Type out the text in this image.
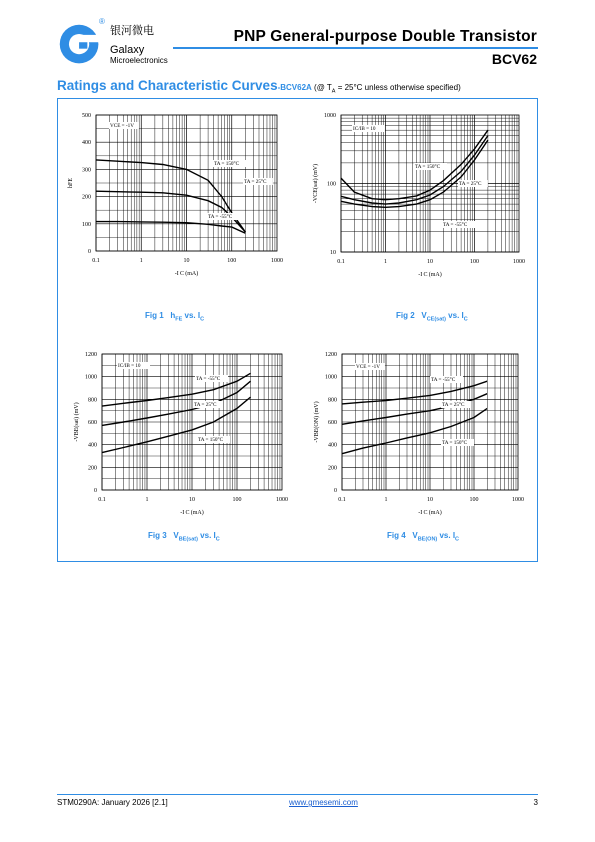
®
银河微电
Galaxy
Microelectronics
PNP General-purpose Double Transistor
BCV62
Ratings and Characteristic Curves-BCV62A (@ $T_A = 25^\circ C$ unless otherwise specified)
0.1	1	10	100	1000
0
100
200
300
400
500
-I C (mA)
hFE
VCE = -1V
TA = 150°C
TA = 25°C
TA = -55°C
0.1	1	10	100	1000
10
100
1000
-I C (mA)
-VCE(sat) (mV)
IC/IB = 10
TA = 150°C
TA = 25°C
TA = -55°C
0.1	1	10	100	1000
0
200
400
600
800
1000
1200
-I C (mA)
-VBE(sat) (mV)
IC/IB = 10
TA = -55°C
TA = 25°C
TA = 150°C
0.1	1	10	100	1000
0
200
400
600
800
1000
1200
-I C (mA)
-VBE(ON) (mV)
VCE = -1V
TA = -55°C
TA = 25°C
TA = 150°C
Fig 1 $h_{FE}$ vs. $I_C$	Fig 2 $V_{CE(sat)}$ vs. $I_C$
Fig 3 $V_{BE(sat)}$ vs. $I_C$	Fig 4 $V_{BE(ON)}$ vs. $I_C$
STM0290A: January 2026 [2.1]	www.gmesemi.com	3
